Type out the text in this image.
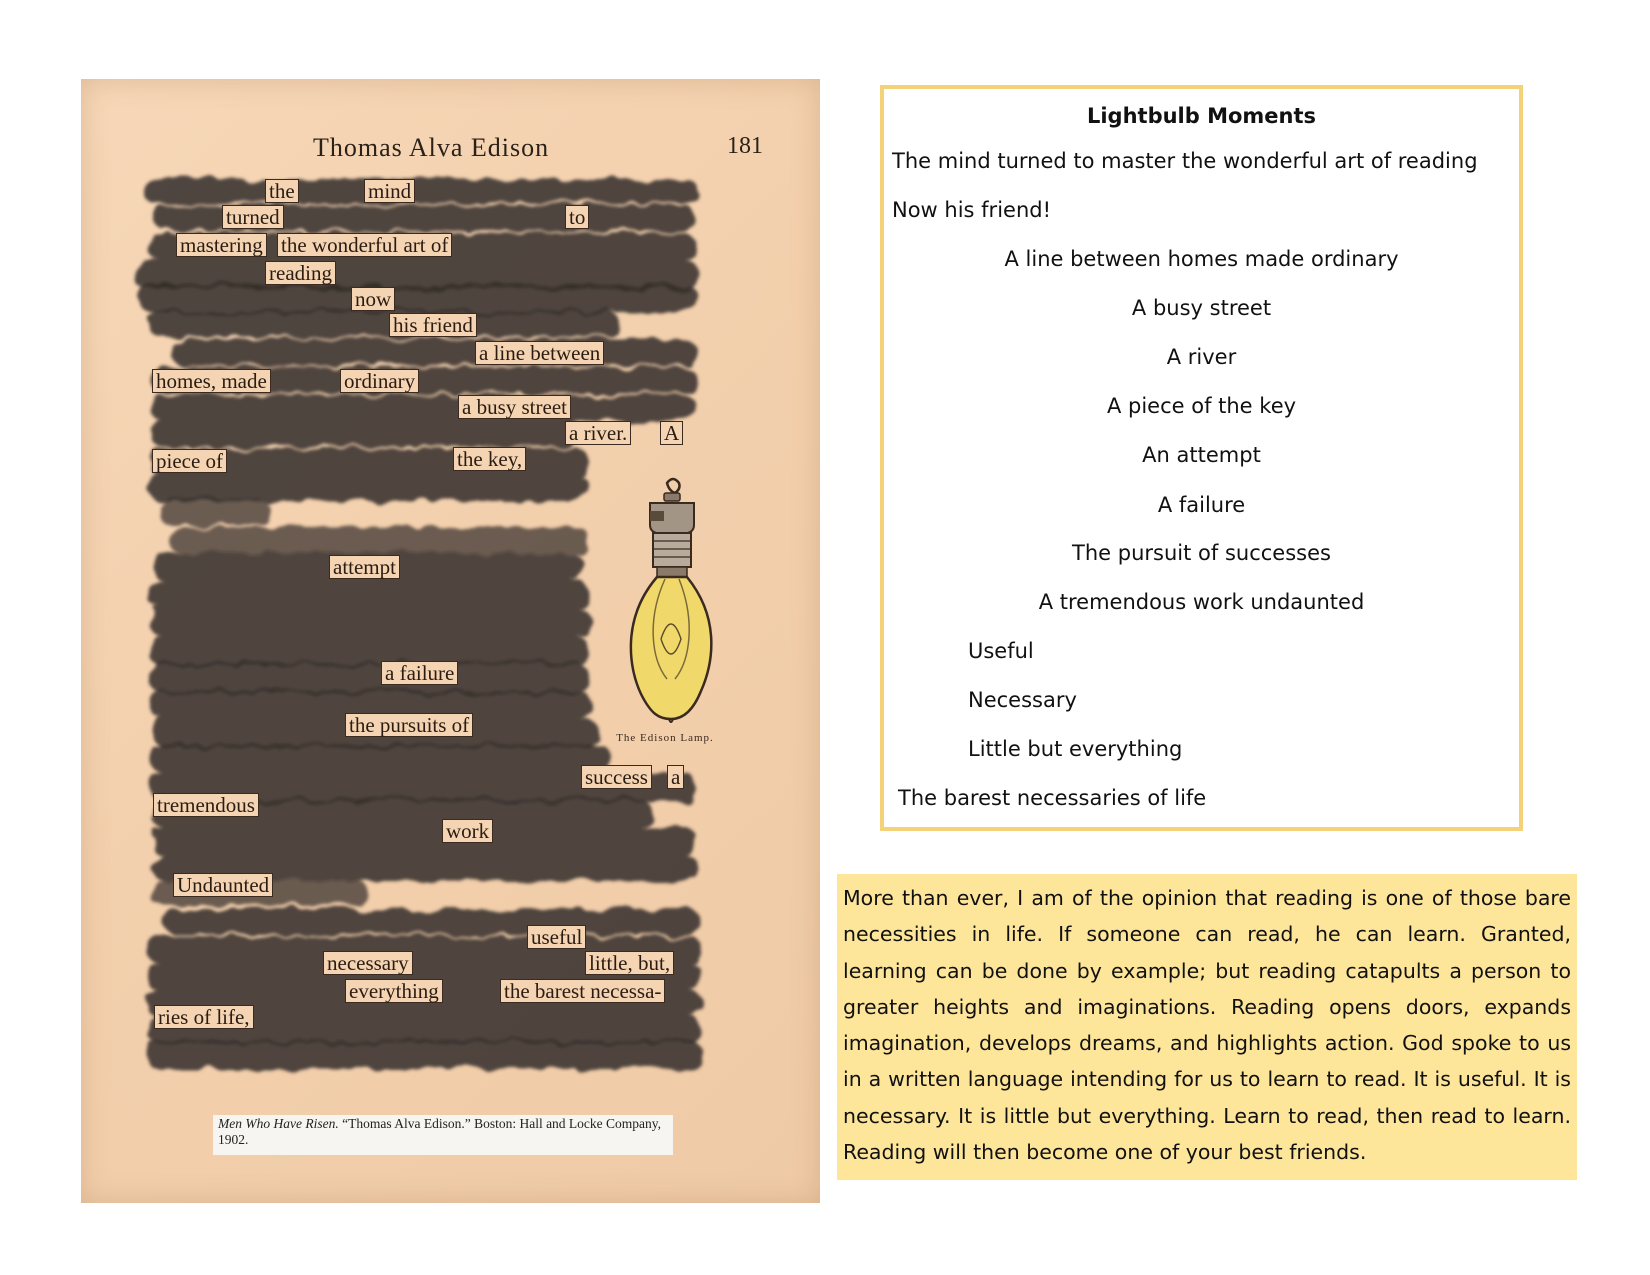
Thomas Alva Edison	181
the	mind
turned	to
mastering the wonderful art of
reading
now
his friend
a line between
homes, made	ordinary
a busy street
a river. A
piece of	the key,
attempt
a failure
the pursuits of
success a
tremendous
work
Undaunted
useful
necessary	little, but,
everything	the barest necessa-
ries of life,
The Edison Lamp.
Men Who Have Risen. “Thomas Alva Edison.” Boston: Hall and Locke Company, 1902.
Lightbulb Moments
The mind turned to master the wonderful art of reading
Now his friend!
A line between homes made ordinary
A busy street
A river
A piece of the key
An attempt
A failure
The pursuit of successes
A tremendous work undaunted
Useful
Necessary
Little but everything
The barest necessaries of life

More than ever, I am of the opinion that reading is one of those bare necessities in life. If someone can read, he can learn. Granted, learning can be done by example; but reading catapults a person to greater heights and imaginations. Reading opens doors, expands imagination, develops dreams, and highlights action. God spoke to us in a written language intending for us to learn to read. It is useful. It is necessary. It is little but everything. Learn to read, then read to learn. Reading will then become one of your best friends.
